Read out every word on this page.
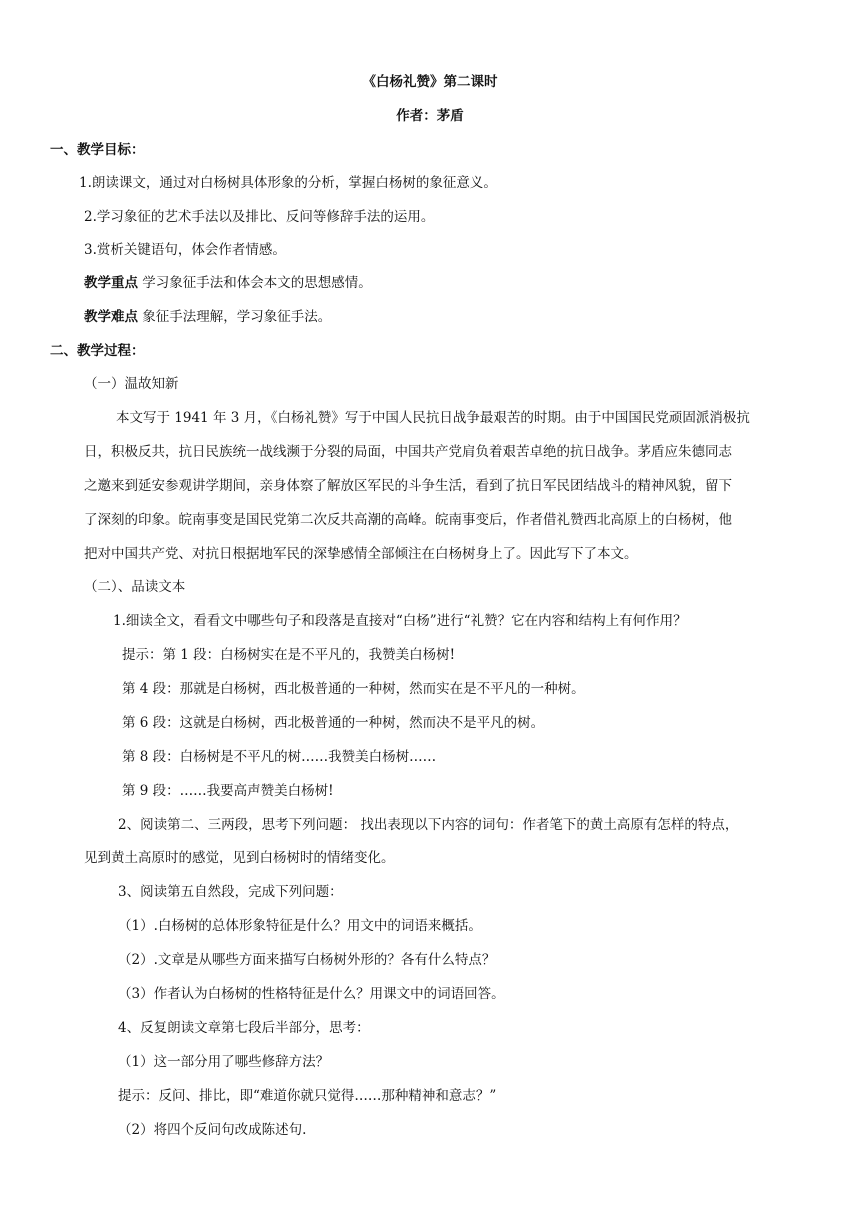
《白杨礼赞》第二课时
作者：茅盾
一、教学目标：
1.朗读课文，通过对白杨树具体形象的分析，掌握白杨树的象征意义。
2.学习象征的艺术手法以及排比、反问等修辞手法的运用。
3.赏析关键语句，体会作者情感。
教学重点 学习象征手法和体会本文的思想感情。
教学难点 象征手法理解，学习象征手法。
二、教学过程：
（一）温故知新
本文写于 1941 年 3 月，《白杨礼赞》写于中国人民抗日战争最艰苦的时期。由于中国国民党顽固派消极抗
日，积极反共，抗日民族统一战线濒于分裂的局面，中国共产党肩负着艰苦卓绝的抗日战争。茅盾应朱德同志
之邀来到延安参观讲学期间，亲身体察了解放区军民的斗争生活，看到了抗日军民团结战斗的精神风貌，留下
了深刻的印象。皖南事变是国民党第二次反共高潮的高峰。皖南事变后，作者借礼赞西北高原上的白杨树，他
把对中国共产党、对抗日根据地军民的深挚感情全部倾注在白杨树身上了。因此写下了本文。
（二）、品读文本
1.细读全文，看看文中哪些句子和段落是直接对“白杨”进行“礼赞？它在内容和结构上有何作用？
提示：第 1 段：白杨树实在是不平凡的，我赞美白杨树!
第 4 段：那就是白杨树，西北极普通的一种树，然而实在是不平凡的一种树。
第 6 段：这就是白杨树，西北极普通的一种树，然而决不是平凡的树。
第 8 段：白杨树是不平凡的树……我赞美白杨树……
第 9 段：……我要高声赞美白杨树!
2、阅读第二、三两段，思考下列问题： 找出表现以下内容的词句：作者笔下的黄土高原有怎样的特点，
见到黄土高原时的感觉，见到白杨树时的情绪变化。
3、阅读第五自然段，完成下列问题：
（1）.白杨树的总体形象特征是什么？用文中的词语来概括。
（2）.文章是从哪些方面来描写白杨树外形的？各有什么特点？
（3）作者认为白杨树的性格特征是什么？用课文中的词语回答。
4、反复朗读文章第七段后半部分，思考：
（1）这一部分用了哪些修辞方法？
提示：反问、排比，即“难道你就只觉得……那种精神和意志？”
（2）将四个反问句改成陈述句.
